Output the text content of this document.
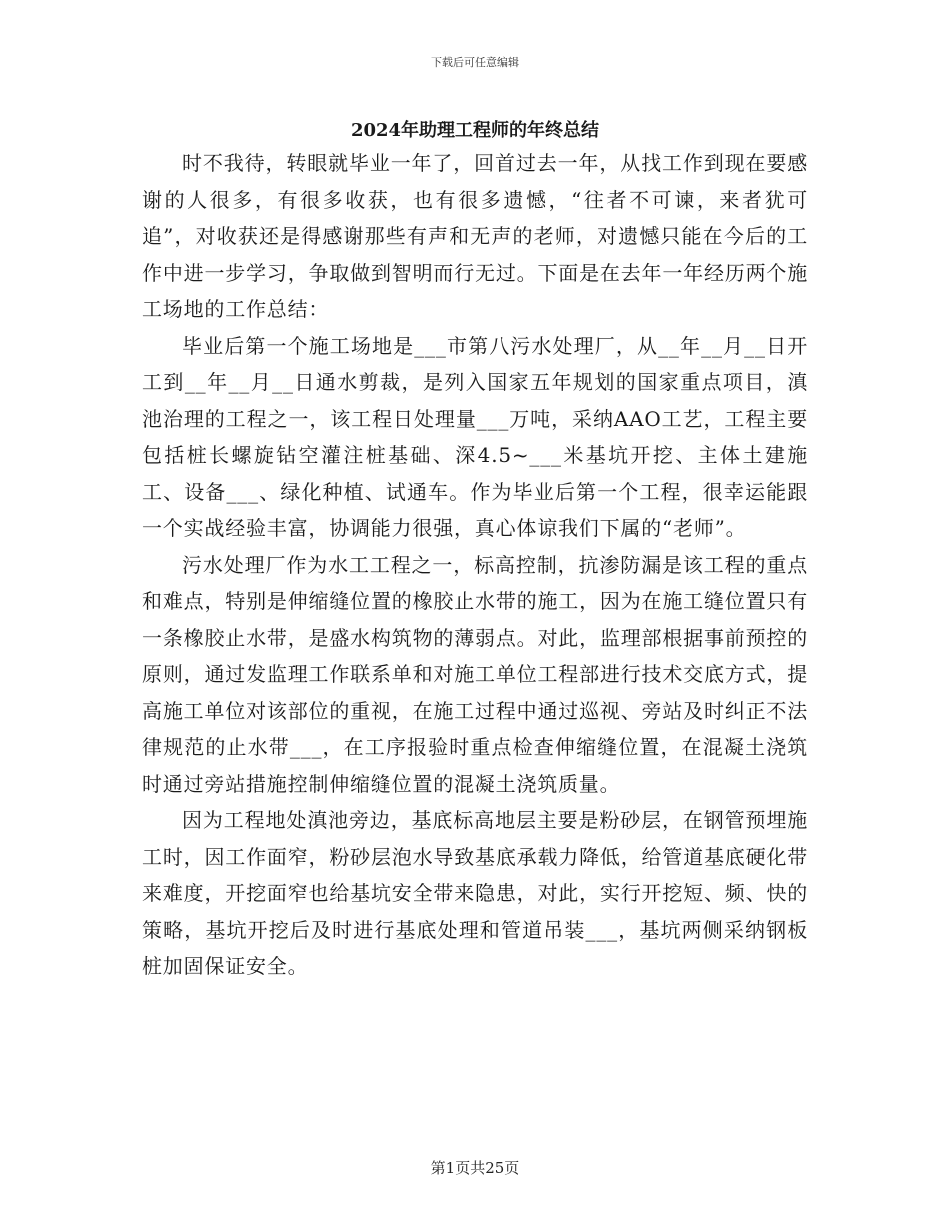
下载后可任意编辑
2024年助理工程师的年终总结

时不我待，转眼就毕业一年了，回首过去一年，从找工作到现在要感谢的人很多，有很多收获，也有很多遗憾，“往者不可谏，来者犹可追”，对收获还是得感谢那些有声和无声的老师，对遗憾只能在今后的工作中进一步学习，争取做到智明而行无过。下面是在去年一年经历两个施工场地的工作总结：

毕业后第一个施工场地是___市第八污水处理厂，从__年__月__日开工到__年__月__日通水剪裁，是列入国家五年规划的国家重点项目，滇池治理的工程之一，该工程日处理量___万吨，采纳AAO工艺，工程主要包括桩长螺旋钻空灌注桩基础、深4.5~___米基坑开挖、主体土建施工、设备___、绿化种植、试通车。作为毕业后第一个工程，很幸运能跟一个实战经验丰富，协调能力很强，真心体谅我们下属的“老师”。

污水处理厂作为水工工程之一，标高控制，抗渗防漏是该工程的重点和难点，特别是伸缩缝位置的橡胶止水带的施工，因为在施工缝位置只有一条橡胶止水带，是盛水构筑物的薄弱点。对此，监理部根据事前预控的原则，通过发监理工作联系单和对施工单位工程部进行技术交底方式，提高施工单位对该部位的重视，在施工过程中通过巡视、旁站及时纠正不法律规范的止水带___，在工序报验时重点检查伸缩缝位置，在混凝土浇筑时通过旁站措施控制伸缩缝位置的混凝土浇筑质量。

因为工程地处滇池旁边，基底标高地层主要是粉砂层，在钢管预埋施工时，因工作面窄，粉砂层泡水导致基底承载力降低，给管道基底硬化带来难度，开挖面窄也给基坑安全带来隐患，对此，实行开挖短、频、快的策略，基坑开挖后及时进行基底处理和管道吊装___，基坑两侧采纳钢板桩加固保证安全。

第1页共25页
